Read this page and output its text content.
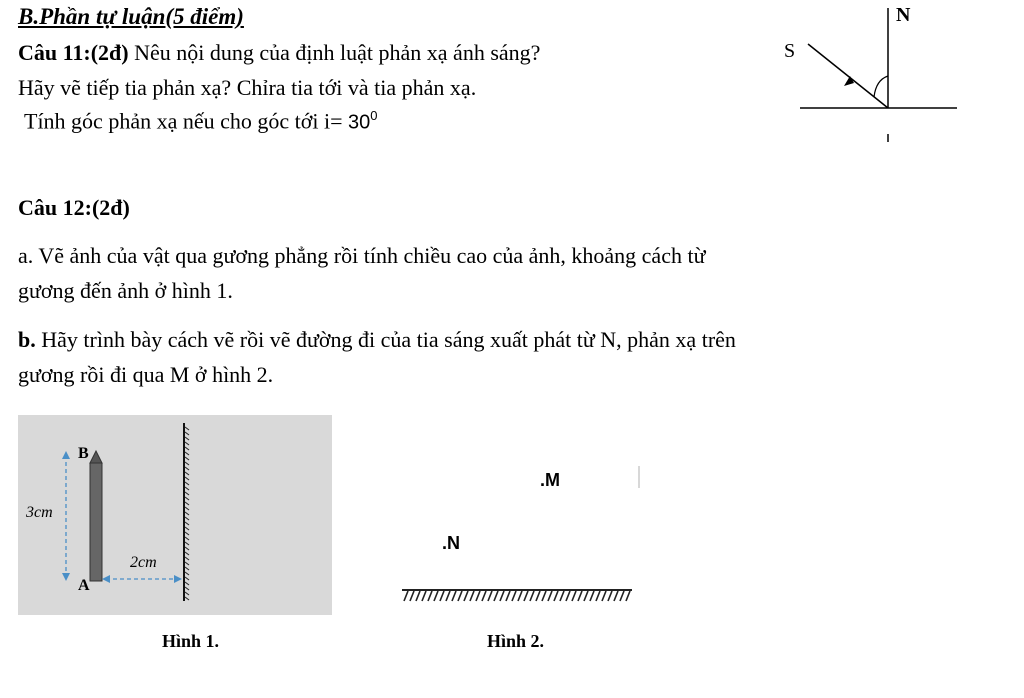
B.Phần tự luận(5 điểm)
Câu 11:(2đ) Nêu nội dung của định luật phản xạ ánh sáng?
Hãy vẽ tiếp tia phản xạ? Chỉra tia tới và tia phản xạ.
Tính góc phản xạ nếu cho góc tới $i= 30^0$
N
S
Câu 12:(2đ)
a. Vẽ ảnh của vật qua gương phẳng rồi tính chiều cao của ảnh, khoảng cách từ
gương đến ảnh ở hình 1.
b. Hãy trình bày cách vẽ rồi vẽ đường đi của tia sáng xuất phát từ N, phản xạ trên
gương rồi đi qua M ở hình 2.
B
A
3cm
2cm
Hình 1.
.M
.N
Hình 2.
